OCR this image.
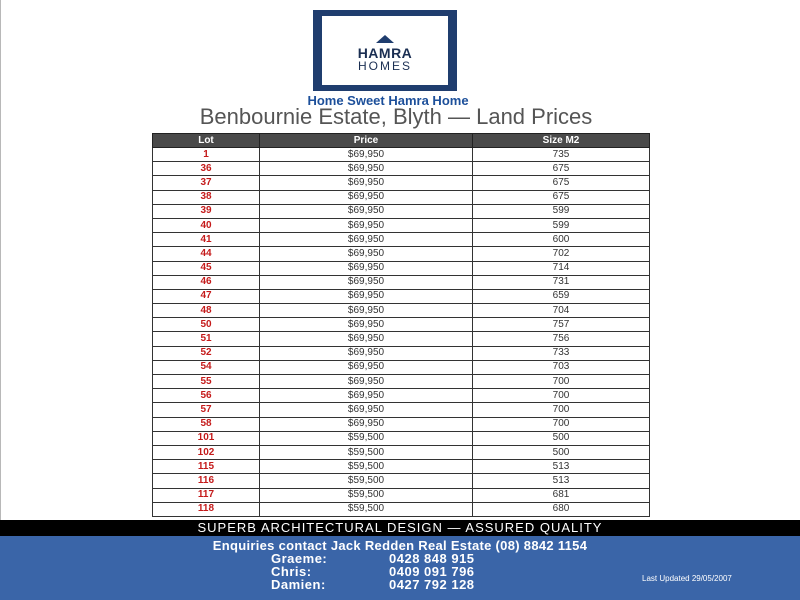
HAMRA
HOMES
Home Sweet Hamra Home
Benbournie Estate, Blyth — Land Prices
Lot	Price	Size M2
1	$69,950	735
36	$69,950	675
37	$69,950	675
38	$69,950	675
39	$69,950	599
40	$69,950	599
41	$69,950	600
44	$69,950	702
45	$69,950	714
46	$69,950	731
47	$69,950	659
48	$69,950	704
50	$69,950	757
51	$69,950	756
52	$69,950	733
54	$69,950	703
55	$69,950	700
56	$69,950	700
57	$69,950	700
58	$69,950	700
101	$59,500	500
102	$59,500	500
115	$59,500	513
116	$59,500	513
117	$59,500	681
118	$59,500	680
SUPERB ARCHITECTURAL DESIGN — ASSURED QUALITY
Enquiries contact Jack Redden Real Estate (08) 8842 1154
Graeme:	0428 848 915
Chris:	0409 091 796
Damien:	0427 792 128	Last Updated 29/05/2007
